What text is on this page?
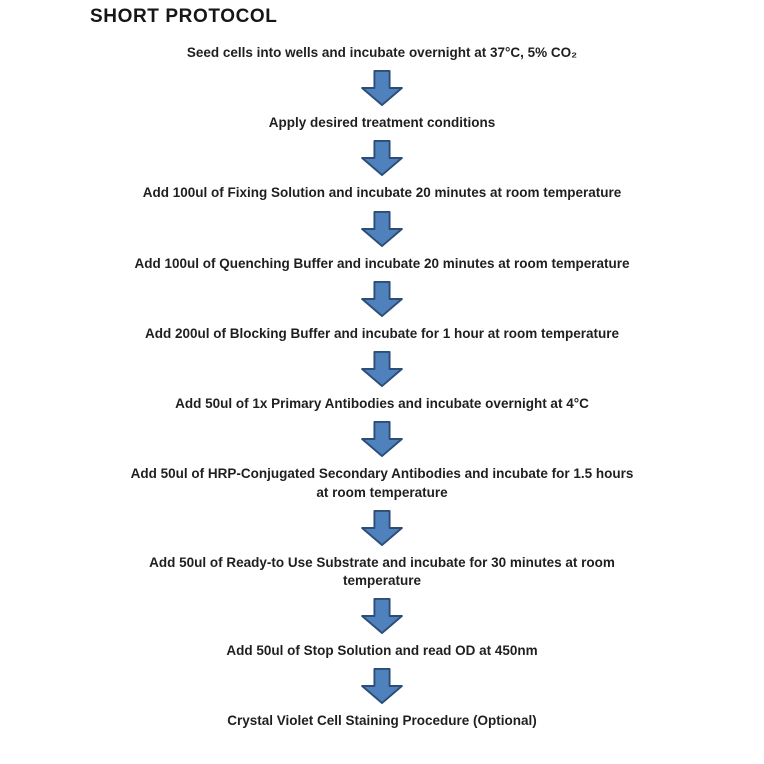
SHORT PROTOCOL
Seed cells into wells and incubate overnight at 37°C, 5% CO₂
Apply desired treatment conditions
Add 100ul of Fixing Solution and incubate 20 minutes at room temperature
Add 100ul of Quenching Buffer and incubate 20 minutes at room temperature
Add 200ul of Blocking Buffer and incubate for 1 hour at room temperature
Add 50ul of 1x Primary Antibodies and incubate overnight at 4°C
Add 50ul of HRP-Conjugated Secondary Antibodies and incubate for 1.5 hours at room temperature
Add 50ul of Ready-to Use Substrate and incubate for 30 minutes at room temperature
Add 50ul of Stop Solution and read OD at 450nm
Crystal Violet Cell Staining Procedure (Optional)
